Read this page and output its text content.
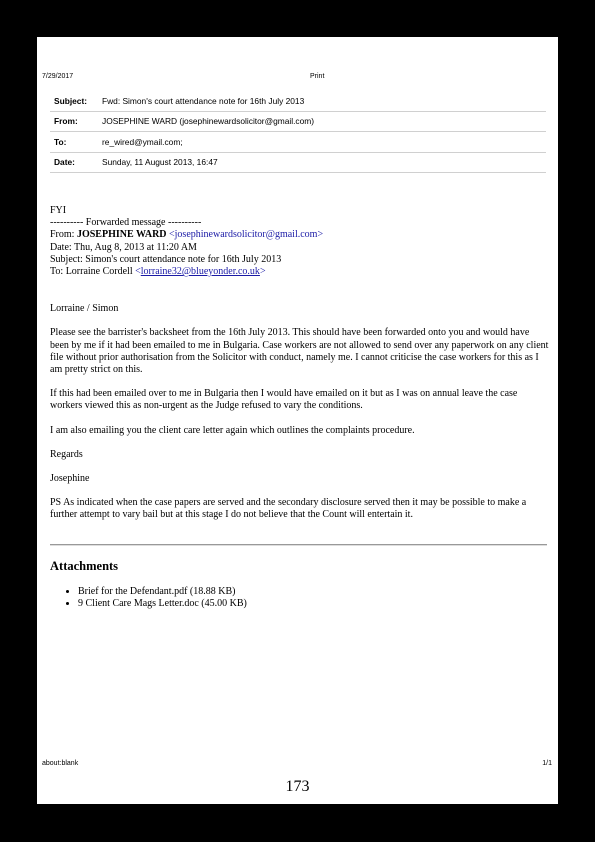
7/29/2017	Print
Subject:	Fwd: Simon's court attendance note for 16th July 2013
From:	JOSEPHINE WARD (josephinewardsolicitor@gmail.com)
To:	re_wired@ymail.com;
Date:	Sunday, 11 August 2013, 16:47

FYI

---------- Forwarded message ----------

From: JOSEPHINE WARD <josephinewardsolicitor@gmail.com>

Date: Thu, Aug 8, 2013 at 11:20 AM

Subject: Simon's court attendance note for 16th July 2013

To: Lorraine Cordell <lorraine32@blueyonder.co.uk>

Lorraine / Simon

Please see the barrister's backsheet from the 16th July 2013. This should have been forwarded onto you and would have been by me if it had been emailed to me in Bulgaria. Case workers are not allowed to send over any paperwork on any client file without prior authorisation from the Solicitor with conduct, namely me. I cannot criticise the case workers for this as I am pretty strict on this.

If this had been emailed over to me in Bulgaria then I would have emailed on it but as I was on annual leave the case workers viewed this as non-urgent as the Judge refused to vary the conditions.

I am also emailing you the client care letter again which outlines the complaints procedure.

Regards

Josephine

PS As indicated when the case papers are served and the secondary disclosure served then it may be possible to make a further attempt to vary bail but at this stage I do not believe that the Count will entertain it.

Attachments
• Brief for the Defendant.pdf (18.88 KB)
• 9 Client Care Mags Letter.doc (45.00 KB)
about:blank	1/1
173
